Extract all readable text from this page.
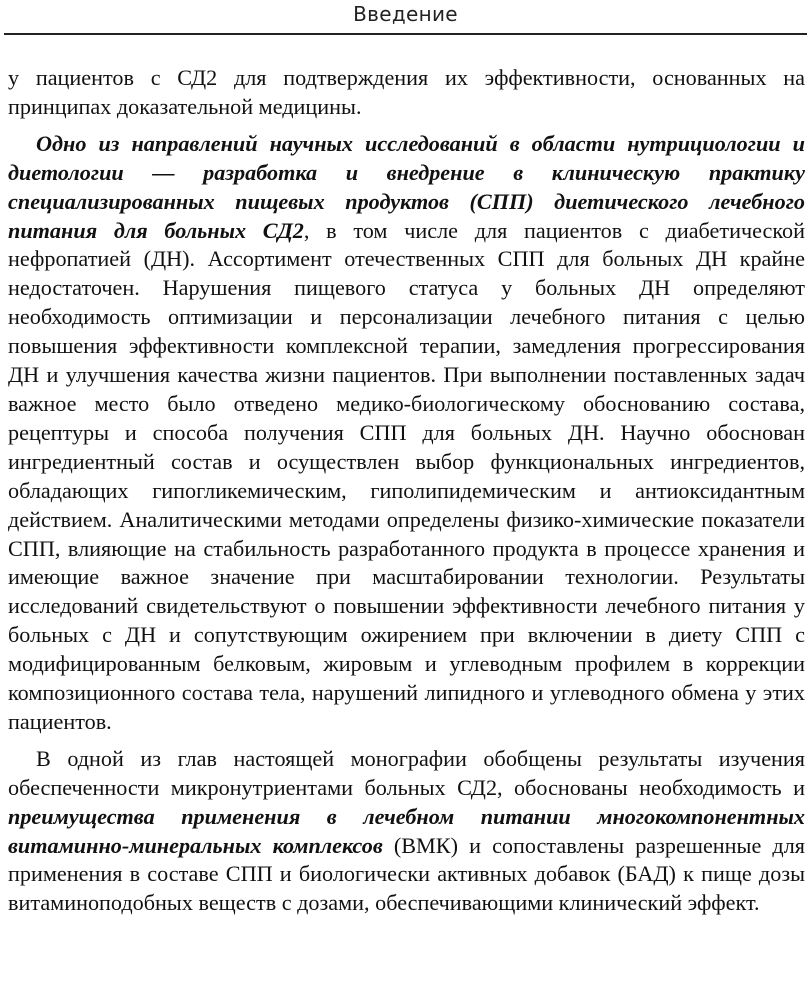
Введение

у пациентов с СД2 для подтверждения их эффективности, основанных на принципах доказательной медицины.

Одно из направлений научных исследований в области нутрициологии и диетологии — разработка и внедрение в клиническую практику специализированных пищевых продуктов (СПП) диетического лечебного питания для больных СД2, в том числе для пациентов с диабетической нефропатией (ДН). Ассортимент отечественных СПП для больных ДН крайне недостаточен. Нарушения пищевого статуса у больных ДН определяют необходимость оптимизации и персонализации лечебного питания с целью повышения эффективности комплексной терапии, замедления прогрессирования ДН и улучшения качества жизни пациентов. При выполнении поставленных задач важное место было отведено медико-биологическому обоснованию состава, рецептуры и способа получения СПП для больных ДН. Научно обоснован ингредиентный состав и осуществлен выбор функциональных ингредиентов, обладающих гипогликемическим, гиполипидемическим и антиоксидантным действием. Аналитическими методами определены физико-химические показатели СПП, влияющие на стабильность разработанного продукта в процессе хранения и имеющие важное значение при масштабировании технологии. Результаты исследований свидетельствуют о повышении эффективности лечебного питания у больных с ДН и сопутствующим ожирением при включении в диету СПП с модифицированным белковым, жировым и углеводным профилем в коррекции композиционного состава тела, нарушений липидного и углеводного обмена у этих пациентов.

В одной из глав настоящей монографии обобщены результаты изучения обеспеченности микронутриентами больных СД2, обоснованы необходимость и преимущества применения в лечебном питании многокомпонентных витаминно-минеральных комплексов (ВМК) и сопоставлены разрешенные для применения в составе СПП и биологически активных добавок (БАД) к пище дозы витаминоподобных веществ с дозами, обеспечивающими клинический эффект.
